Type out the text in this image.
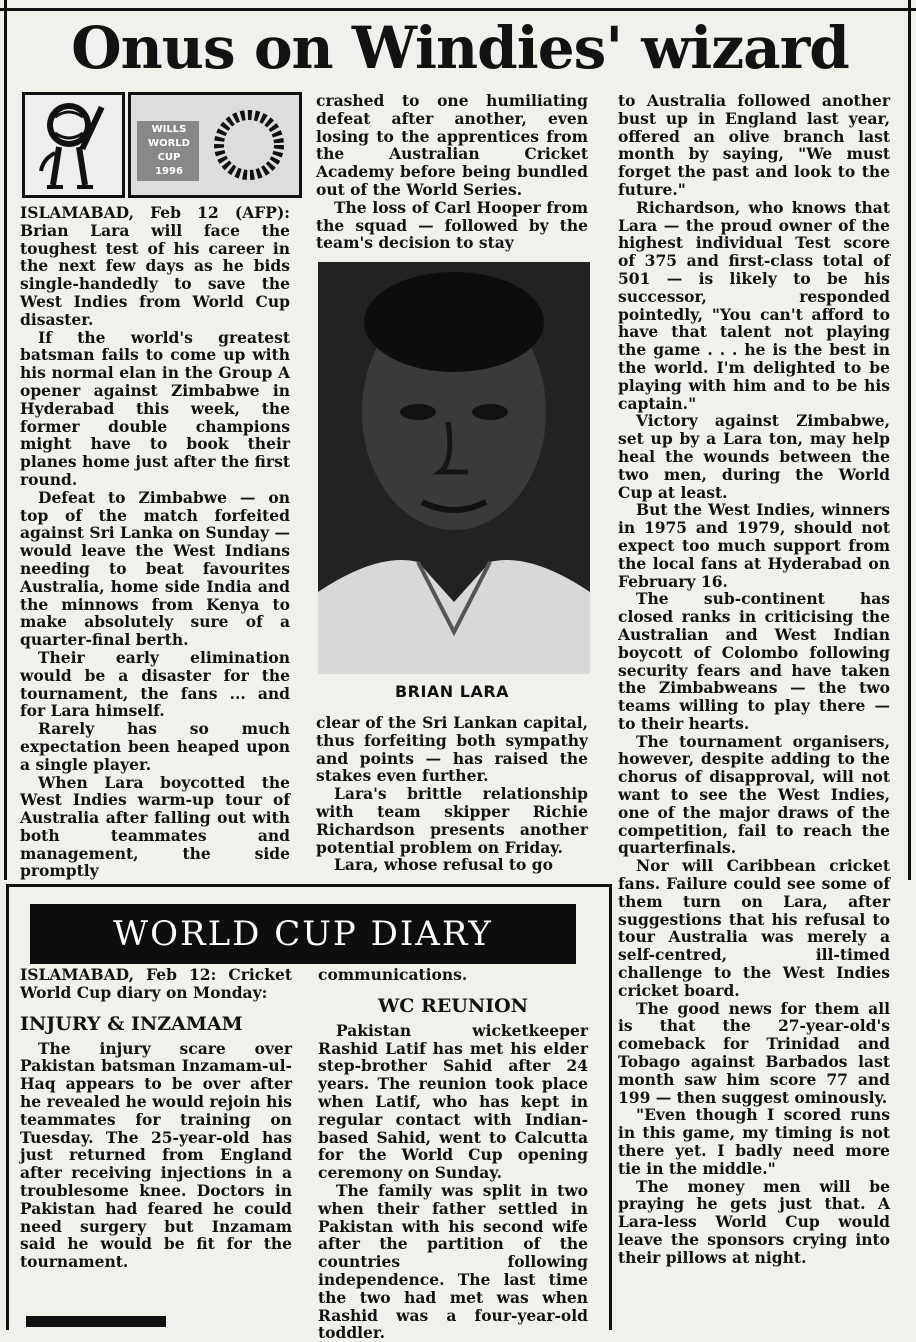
Onus on Windies' wizard
WILLS
WORLD CUP
1996

ISLAMABAD, Feb 12 (AFP): Brian Lara will face the toughest test of his career in the next few days as he bids single-handedly to save the West Indies from World Cup disaster.

If the world's greatest batsman fails to come up with his normal elan in the Group A opener against Zimbabwe in Hyderabad this week, the former double champions might have to book their planes home just after the first round.

Defeat to Zimbabwe — on top of the match forfeited against Sri Lanka on Sunday — would leave the West Indians needing to beat favourites Australia, home side India and the minnows from Kenya to make absolutely sure of a quarter-final berth.

Their early elimination would be a disaster for the tournament, the fans ... and for Lara himself.

Rarely has so much expectation been heaped upon a single player.

When Lara boycotted the West Indies warm-up tour of Australia after falling out with both teammates and management, the side promptly

crashed to one humiliating defeat after another, even losing to the apprentices from the Australian Cricket Academy before being bundled out of the World Series.

The loss of Carl Hooper from the squad — followed by the team's decision to stay

BRIAN LARA

clear of the Sri Lankan capital, thus forfeiting both sympathy and points — has raised the stakes even further.

Lara's brittle relationship with team skipper Richie Richardson presents another potential problem on Friday.

Lara, whose refusal to go

to Australia followed another bust up in England last year, offered an olive branch last month by saying, "We must forget the past and look to the future."

Richardson, who knows that Lara — the proud owner of the highest individual Test score of 375 and first-class total of 501 — is likely to be his successor, responded pointedly, "You can't afford to have that talent not playing the game . . . he is the best in the world. I'm delighted to be playing with him and to be his captain."

Victory against Zimbabwe, set up by a Lara ton, may help heal the wounds between the two men, during the World Cup at least.

But the West Indies, winners in 1975 and 1979, should not expect too much support from the local fans at Hyderabad on February 16.

The sub-continent has closed ranks in criticising the Australian and West Indian boycott of Colombo following security fears and have taken the Zimbabweans — the two teams willing to play there — to their hearts.

The tournament organisers, however, despite adding to the chorus of disapproval, will not want to see the West Indies, one of the major draws of the competition, fail to reach the quarterfinals.

Nor will Caribbean cricket fans. Failure could see some of them turn on Lara, after suggestions that his refusal to tour Australia was merely a self-centred, ill-timed challenge to the West Indies cricket board.

The good news for them all is that the 27-year-old's comeback for Trinidad and Tobago against Barbados last month saw him score 77 and 199 — then suggest ominously.

"Even though I scored runs in this game, my timing is not there yet. I badly need more tie in the middle."

The money men will be praying he gets just that. A Lara-less World Cup would leave the sponsors crying into their pillows at night.

WORLD CUP DIARY

ISLAMABAD, Feb 12: Cricket World Cup diary on Monday:

INJURY & INZAMAM

The injury scare over Pakistan batsman Inzamam-ul-Haq appears to be over after he revealed he would rejoin his teammates for training on Tuesday. The 25-year-old has just returned from England after receiving injections in a troublesome knee. Doctors in Pakistan had feared he could need surgery but Inzamam said he would be fit for the tournament.

communications.

WC REUNION

Pakistan wicketkeeper Rashid Latif has met his elder step-brother Sahid after 24 years. The reunion took place when Latif, who has kept in regular contact with Indian-based Sahid, went to Calcutta for the World Cup opening ceremony on Sunday.

The family was split in two when their father settled in Pakistan with his second wife after the partition of the countries following independence. The last time the two had met was when Rashid was a four-year-old toddler.
